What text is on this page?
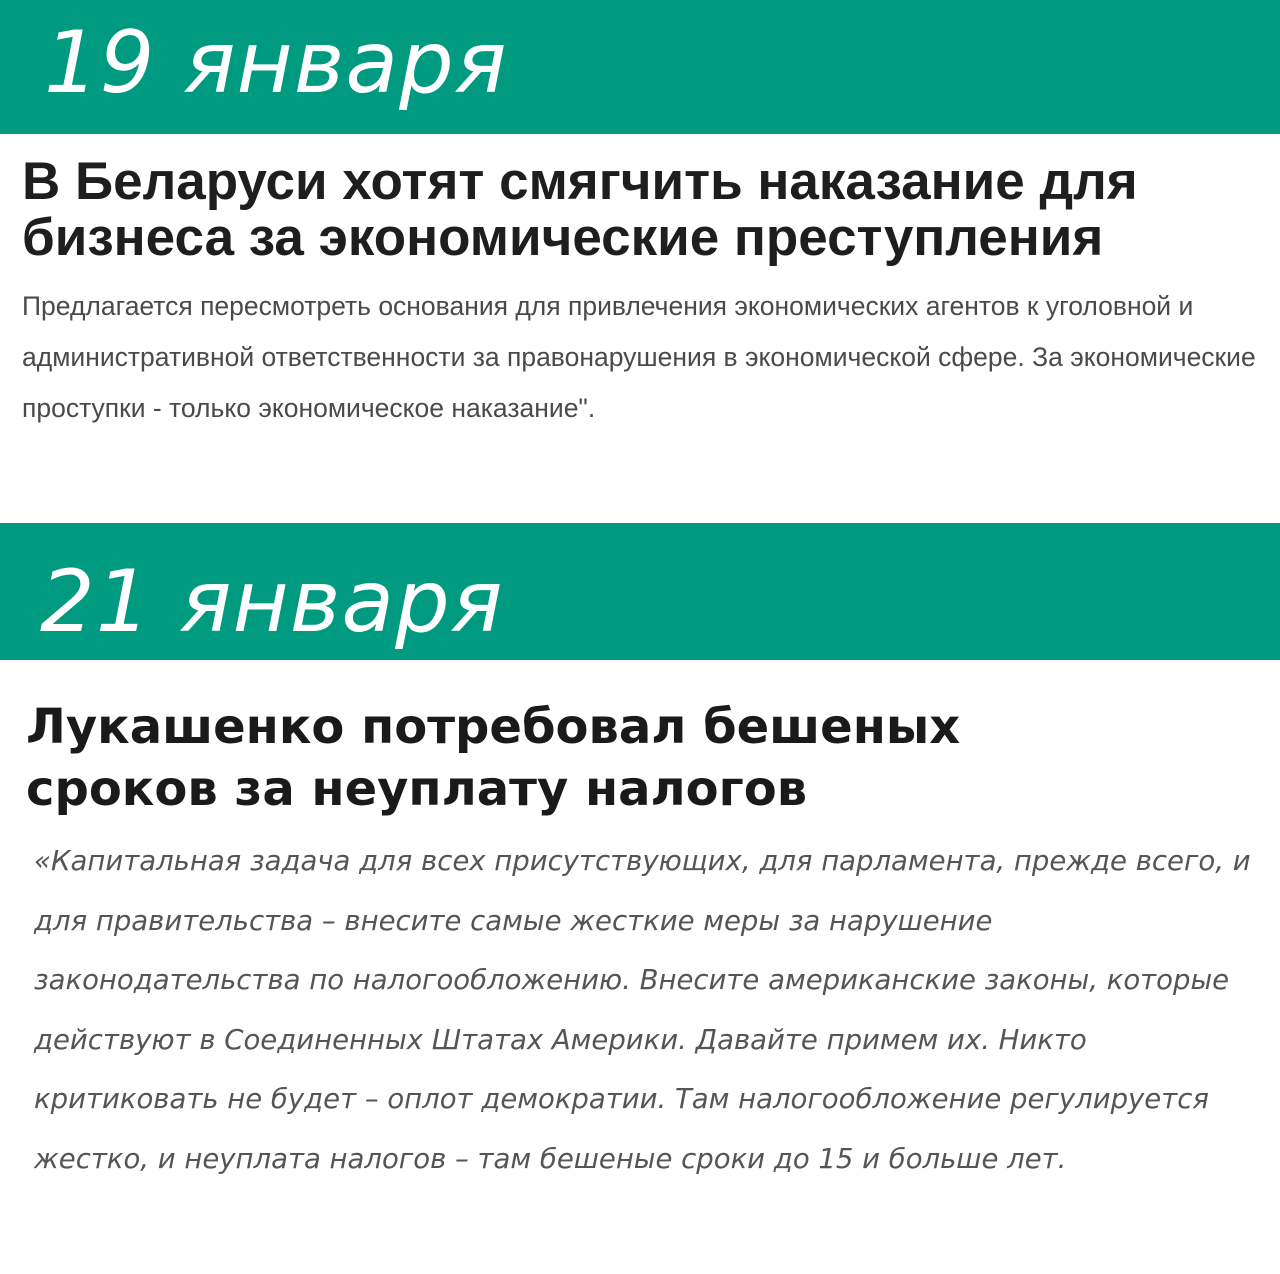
19 января
В Беларуси хотят смягчить наказание для бизнеса за экономические преступления

Предлагается пересмотреть основания для привлечения экономических агентов к уголовной и административной ответственности за правонарушения в экономической сфере. За экономические проступки - только экономическое наказание".

21 января
Лукашенко потребовал бешеных сроков за неуплату налогов

«Капитальная задача для всех присутствующих, для парламента, прежде всего, и для правительства – внесите самые жесткие меры за нарушение законодательства по налогообложению. Внесите американские законы, которые действуют в Соединенных Штатах Америки. Давайте примем их. Никто критиковать не будет – оплот демократии. Там налогообложение регулируется жестко, и неуплата налогов – там бешеные сроки до 15 и больше лет.
